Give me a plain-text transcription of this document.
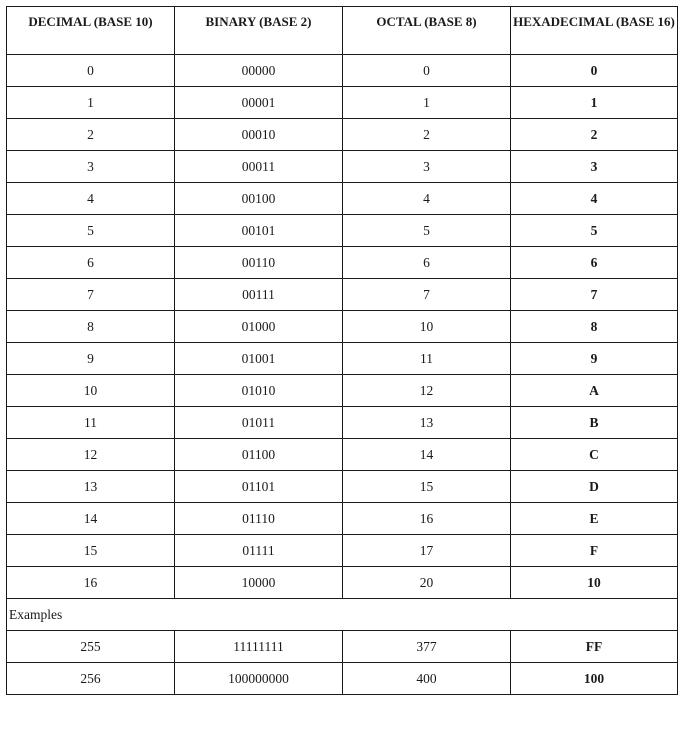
DECIMAL (BASE 10)	BINARY (BASE 2)	OCTAL (BASE 8)	HEXADECIMAL (BASE 16)
0	00000	0	0
1	00001	1	1
2	00010	2	2
3	00011	3	3
4	00100	4	4
5	00101	5	5
6	00110	6	6
7	00111	7	7
8	01000	10	8
9	01001	11	9
10	01010	12	A
11	01011	13	B
12	01100	14	C
13	01101	15	D
14	01110	16	E
15	01111	17	F
16	10000	20	10
Examples			
255	11111111	377	FF
256	100000000	400	100
